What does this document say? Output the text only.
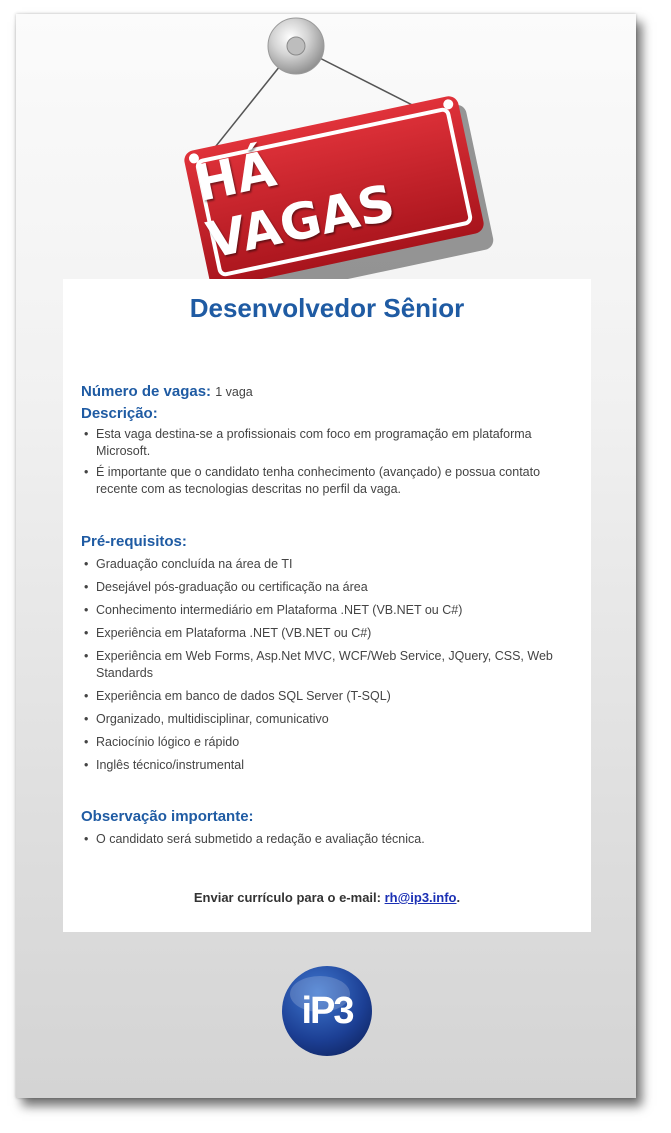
HÁ VAGAS
Desenvolvedor Sênior

Número de vagas: 1 vaga

Descrição:

• Esta vaga destina-se a profissionais com foco em programação em plataforma Microsoft.
• É importante que o candidato tenha conhecimento (avançado) e possua contato recente com as tecnologias descritas no perfil da vaga.

Pré-requisitos:

• Graduação concluída na área de TI
• Desejável pós-graduação ou certificação na área
• Conhecimento intermediário em Plataforma .NET (VB.NET ou C#)
• Experiência em Plataforma .NET (VB.NET ou C#)
• Experiência em Web Forms, Asp.Net MVC, WCF/Web Service, JQuery, CSS, Web Standards
• Experiência em banco de dados SQL Server (T-SQL)
• Organizado, multidisciplinar, comunicativo
• Raciocínio lógico e rápido
• Inglês técnico/instrumental

Observação importante:

• O candidato será submetido a redação e avaliação técnica.
Enviar currículo para o e-mail: rh@ip3.info.
iP3
